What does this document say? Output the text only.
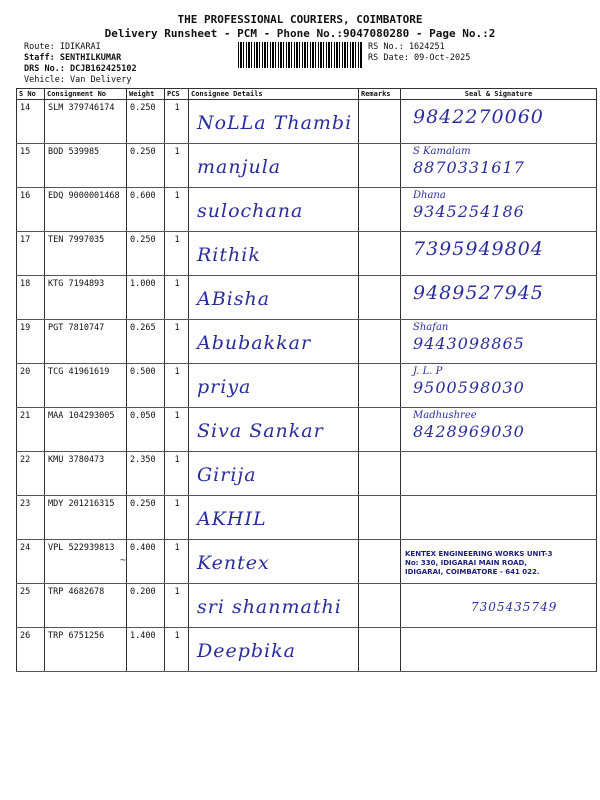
THE PROFESSIONAL COURIERS, COIMBATORE
Delivery Runsheet - PCM - Phone No.:9047080280 - Page No.:2
Route: IDIKARAI
Staff: SENTHILKUMAR
DRS No.: DCJB162425102
Vehicle: Van Delivery
RS No.: 1624251
RS Date: 09-Oct-2025
S No	Consignment No	Weight	PCS	Consignee Details	Remarks	Seal & Signature
14	SLM 379746174	0.250	1	NoLLa Thambi		9842270060

15	BOD 539985	0.250	1	manjula		S Kamalam
8870331617

16	EDQ 9000001468	0.600	1	sulochana		Dhana
9345254186

17	TEN 7997035	0.250	1	Rithik		7395949804

18	KTG 7194893	1.000	1	ABisha		9489527945

19	PGT 7810747	0.265	1	Abubakkar		Shafan
9443098865

20	TCG 41961619	0.500	1	priya		J. L. P
9500598030

21	MAA 104293005	0.050	1	Siva Sankar		Madhushree
8428969030

22	KMU 3780473	2.350	1	Girija		

23	MDY 201216315	0.250	1	AKHIL		

24	VPL 522939813	0.400	1	Kentex		KENTEX ENGINEERING WORKS UNIT-3
No: 330, IDIGARAI MAIN ROAD,
IDIGARAI, COIMBATORE - 641 022.

25	TRP 4682678	0.200	1	sri shanmathi		7305435749

26	TRP 6751256	1.400	1	Deepbika		

~
